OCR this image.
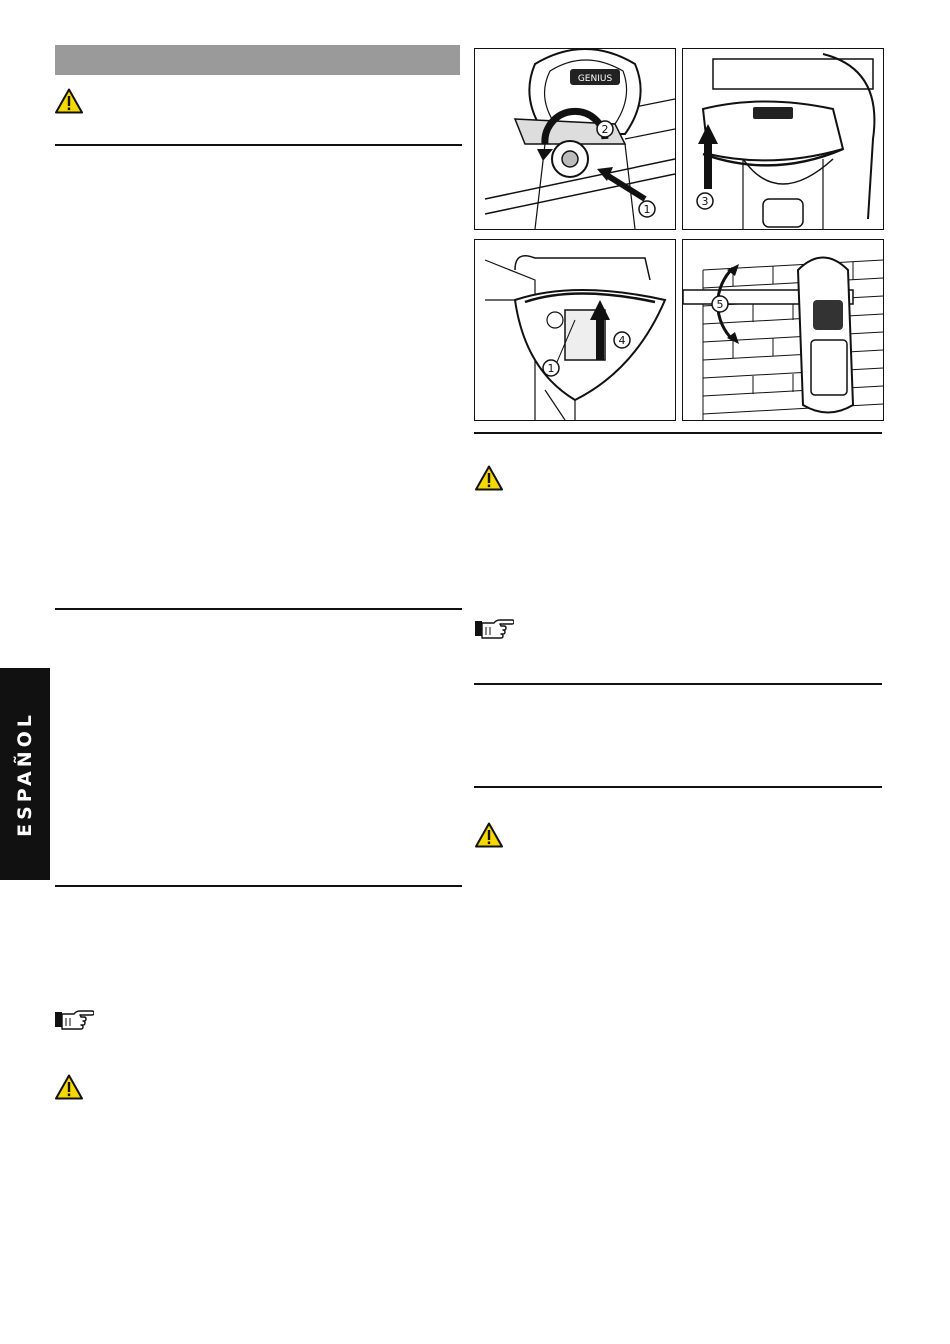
ESPAÑOL
GENIUS
1
2
3
4
1
5
